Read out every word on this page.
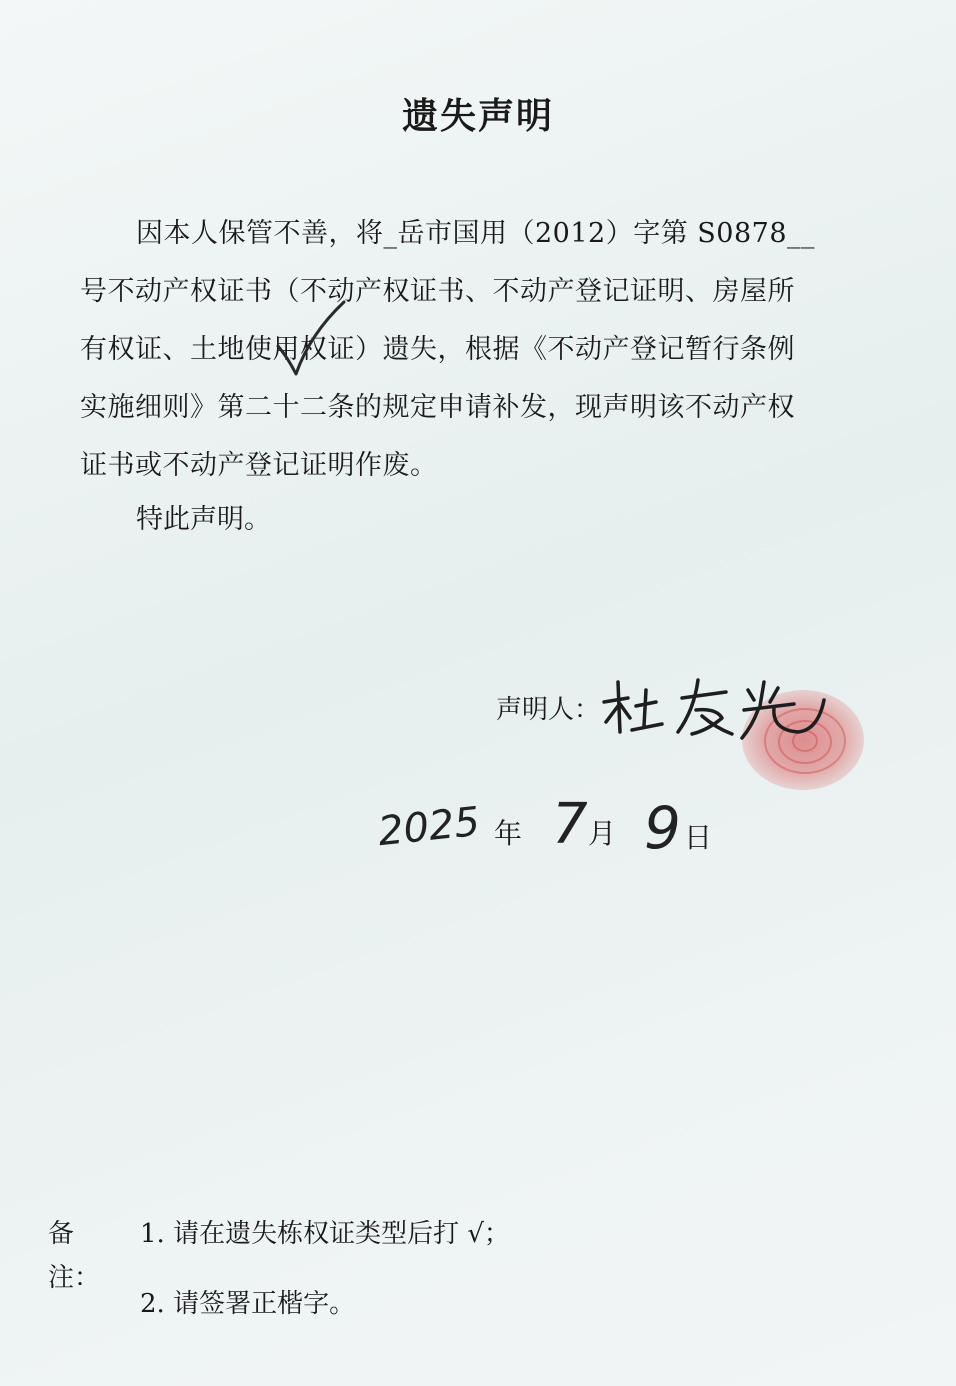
遗失声明
因本人保管不善，将_岳市国用（2012）字第 S0878__
号不动产权证书（不动产权证书、不动产登记证明、房屋所
有权证、土地使用权证）遗失，根据《不动产登记暂行条例
实施细则》第二十二条的规定申请补发，现声明该不动产权
证书或不动产登记证明作废。
特此声明。
声明人：
2025 年 7 月 9 日
备注：
1. 请在遗失栋权证类型后打 √；
2. 请签署正楷字。
